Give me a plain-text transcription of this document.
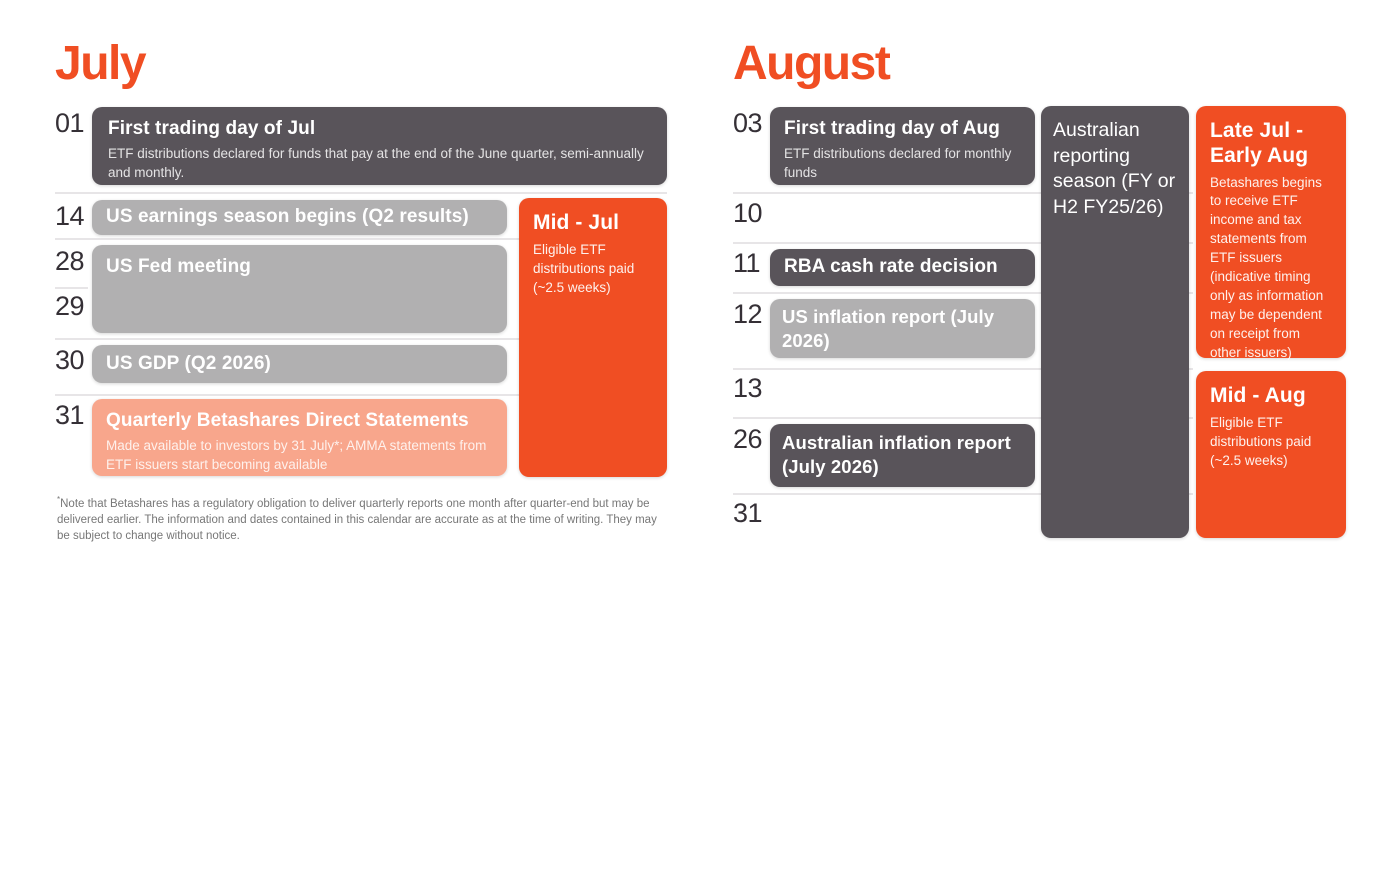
July
01
14
28
29
30
31
First trading day of Jul
ETF distributions declared for funds that pay at the end of the June quarter, semi-annually and monthly.
US earnings season begins (Q2 results)
US Fed meeting
US GDP (Q2 2026)
Quarterly Betashares Direct Statements
Made available to investors by 31 July*; AMMA statements from ETF issuers start becoming available
Mid - Jul
Eligible ETF distributions paid (~2.5 weeks)

*Note that Betashares has a regulatory obligation to deliver quarterly reports one month after quarter-end but may be delivered earlier. The information and dates contained in this calendar are accurate as at the time of writing. They may be subject to change without notice.

August
03
10
11
12
13
26
31
First trading day of Aug
ETF distributions declared for monthly funds
RBA cash rate decision
US inflation report (July 2026)
Australian inflation report (July 2026)
Australian reporting season (FY or H2 FY25/26)
Late Jul - Early Aug
Betashares begins to receive ETF income and tax statements from ETF issuers (indicative timing only as information may be dependent on receipt from other issuers)
Mid - Aug
Eligible ETF distributions paid (~2.5 weeks)
